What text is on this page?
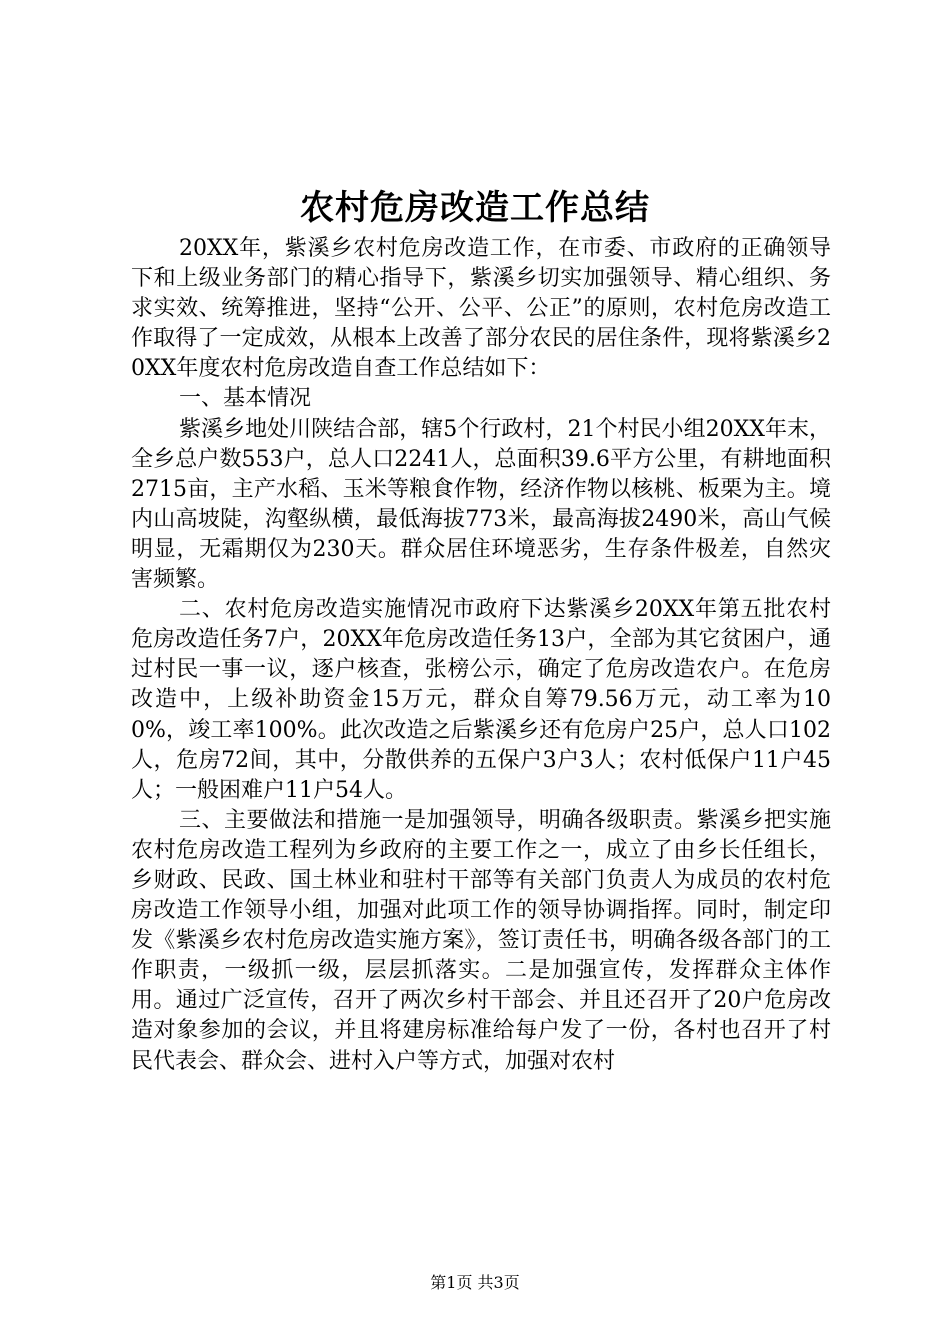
农村危房改造工作总结

20XX年，紫溪乡农村危房改造工作，在市委、市政府的正确领导下和上级业务部门的精心指导下，紫溪乡切实加强领导、精心组织、务求实效、统筹推进，坚持“公开、公平、公正”的原则，农村危房改造工作取得了一定成效，从根本上改善了部分农民的居住条件，现将紫溪乡20XX年度农村危房改造自查工作总结如下：

一、基本情况

紫溪乡地处川陕结合部，辖5个行政村，21个村民小组20XX年末，全乡总户数553户，总人口2241人，总面积39.6平方公里，有耕地面积2715亩，主产水稻、玉米等粮食作物，经济作物以核桃、板栗为主。境内山高坡陡，沟壑纵横，最低海拔773米，最高海拔2490米，高山气候明显，无霜期仅为230天。群众居住环境恶劣，生存条件极差，自然灾害频繁。

二、农村危房改造实施情况市政府下达紫溪乡20XX年第五批农村危房改造任务7户，20XX年危房改造任务13户，全部为其它贫困户，通过村民一事一议，逐户核查，张榜公示，确定了危房改造农户。在危房改造中，上级补助资金15万元，群众自筹79.56万元，动工率为100%，竣工率100%。此次改造之后紫溪乡还有危房户25户，总人口102人，危房72间，其中，分散供养的五保户3户3人；农村低保户11户45人；一般困难户11户54人。

三、主要做法和措施一是加强领导，明确各级职责。紫溪乡把实施农村危房改造工程列为乡政府的主要工作之一，成立了由乡长任组长，乡财政、民政、国土林业和驻村干部等有关部门负责人为成员的农村危房改造工作领导小组，加强对此项工作的领导协调指挥。同时，制定印发《紫溪乡农村危房改造实施方案》，签订责任书，明确各级各部门的工作职责，一级抓一级，层层抓落实。二是加强宣传，发挥群众主体作用。通过广泛宣传，召开了两次乡村干部会、并且还召开了20户危房改造对象参加的会议，并且将建房标准给每户发了一份，各村也召开了村民代表会、群众会、进村入户等方式，加强对农村

第1页 共3页
